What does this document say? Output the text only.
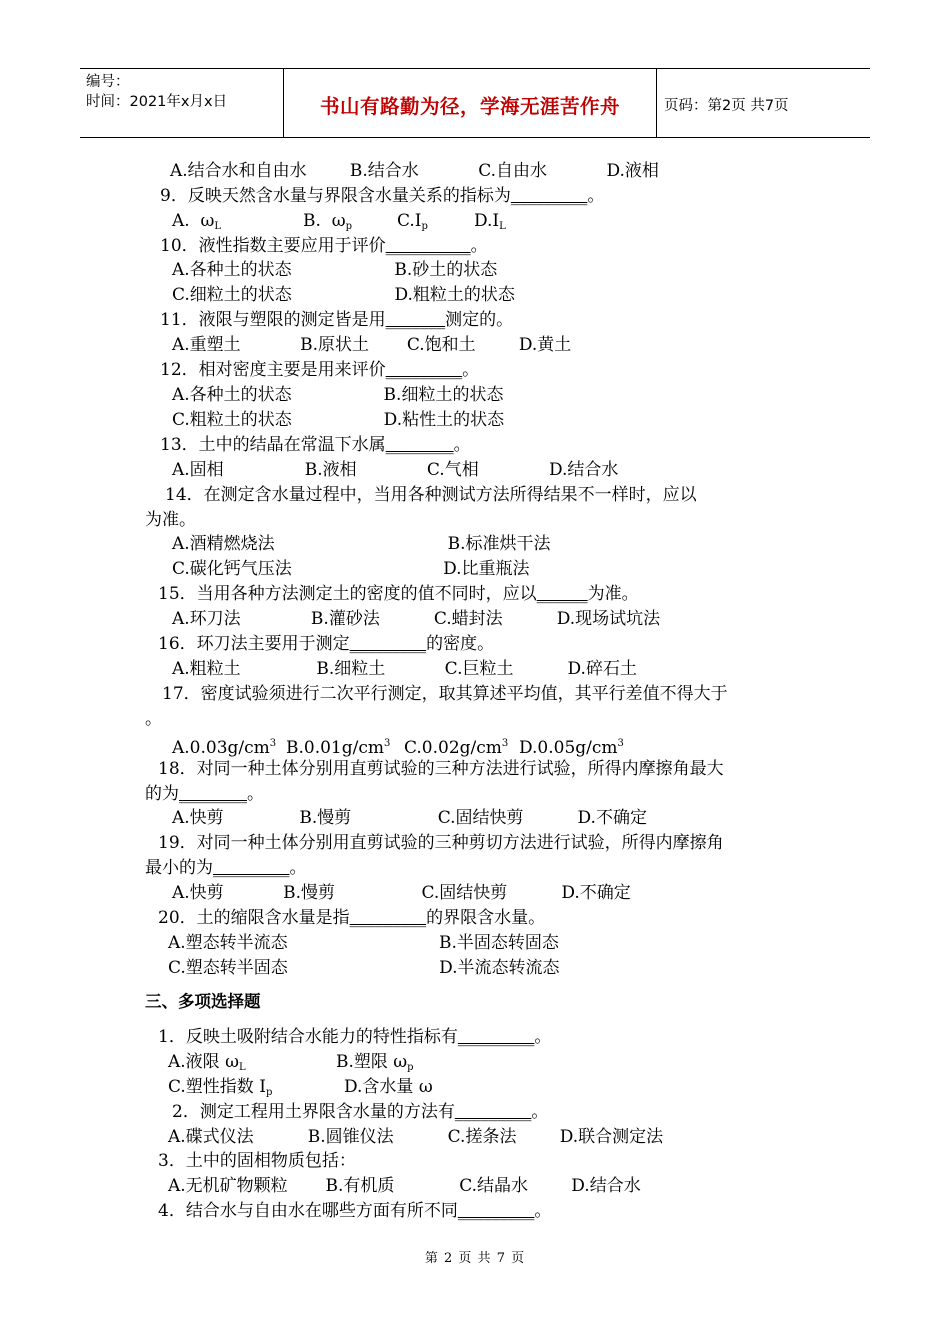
编号：
时间：2021年x月x日	书山有路勤为径，学海无涯苦作舟	页码：第2页 共7页
A.结合水和自由水        B.结合水           C.自由水           D.液相
9．反映天然含水量与界限含水量关系的指标为_________。
A.  $\omega_L$	B.  $\omega_p$	$C.I_p$	$D.I_L$
10．液性指数主要应用于评价__________。
A.各种土的状态                   B.砂土的状态
C.细粒土的状态                   D.粗粒土的状态
11．液限与塑限的测定皆是用_______测定的。
A.重塑土           B.原状土       C.饱和土        D.黄土
12．相对密度主要是用来评价_________。
A.各种土的状态                 B.细粒土的状态
C.粗粒土的状态                 D.粘性土的状态
13．土中的结晶在常温下水属________。
A.固相               B.液相             C.气相             D.结合水
14．在测定含水量过程中，当用各种测试方法所得结果不一样时，应以
为准。
A.酒精燃烧法                                B.标准烘干法
C.碳化钙气压法                            D.比重瓶法
15．当用各种方法测定土的密度的值不同时，应以______为准。
A.环刀法             B.灌砂法          C.蜡封法          D.现场试坑法
16．环刀法主要用于测定_________的密度。
A.粗粒土              B.细粒土           C.巨粒土          D.碎石土
17．密度试验须进行二次平行测定，取其算述平均值，其平行差值不得大于
。
$A.0.03g/cm^3$ $B.0.01g/cm^3$ $C.0.02g/cm^3$ $D.0.05g/cm^3$
18．对同一种土体分别用直剪试验的三种方法进行试验，所得内摩擦角最大
的为________。
A.快剪              B.慢剪                C.固结快剪          D.不确定
19．对同一种土体分别用直剪试验的三种剪切方法进行试验，所得内摩擦角
最小的为_________。
A.快剪           B.慢剪                C.固结快剪          D.不确定
20．土的缩限含水量是指_________的界限含水量。
A.塑态转半流态                            B.半固态转固态
C.塑态转半固态                            D.半流态转流态
三、多项选择题
1．反映土吸附结合水能力的特性指标有_________。
A.液限 $\omega_L$	B.塑限 $\omega_p$
C.塑性指数 $I_p$	D.含水量 ω
2．测定工程用土界限含水量的方法有_________。
A.碟式仪法          B.圆锥仪法          C.搓条法        D.联合测定法
3．土中的固相物质包括：
A.无机矿物颗粒       B.有机质            C.结晶水        D.结合水
4．结合水与自由水在哪些方面有所不同_________。
第 2 页 共 7 页
